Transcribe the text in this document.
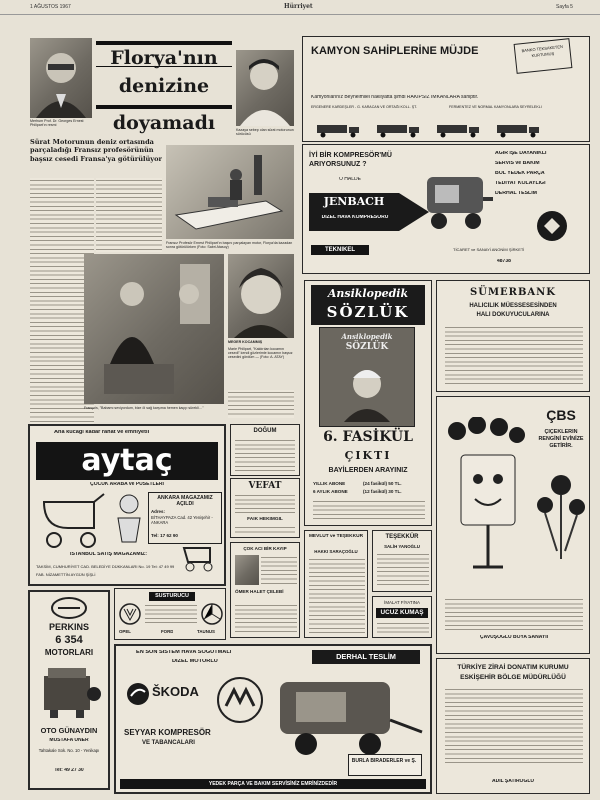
1 AĞUSTOS 1967	Hürriyet	Sayfa 5
Merhum Prof. Dr. Georges Ernest Philipart'ın resmi
Florya'nın
denizine
doyamadı	Kazaya sebep olan sürat motorunun sürücüsü
Sürat Motorunun deniz ortasında parçaladığı Fransız profesörünün başsız cesedi Fransa'ya götürülüyor
Fransız Profesör Ernest Philipart'ın başını parçalayan motor, Florya'da kazadan sonra götürülürken (Foto: Sabri Atasoy)
François, "Babamı seviyordum, bize öl sağ karşıma hemen kaçıp sürekli…"
MEGER KOCAMMIŞ
Marie Philipart, "Kaldırılan kocamın cesedi" kendi gözlerimle kocamın başsız cesedini gördüm — (Foto: A. ATAY)
KAMYON SAHİPLERİNE MÜJDE	BANKO TEKSAKETEN KURTUMUŞ
Kamyonlarınız Beynelmilel nakliyatta şimdi RAKİPSİZ İMKÂNLARA sahiptir.
ERGENERE KARDEŞLER - G. KARACAN VE ORTAĞI KOLL. ŞT.	FERMENTEZ VE NORMAL KAMYONLARA SEYRELEKLİ
İYİ BİR KOMPRESÖR'MÜ ARIYORSUNUZ ?
O HALDE
JENBACH
DİZEL HAVA KOMPRESÖRÜ
AĞIR İŞE DAYANIKLI
SERVİS ve BAKIM
BOL YEDEK PARÇA
TEDİYAT KOLAYLIĞI
DERHAL TESLİM
TEKNIKEL	TİCARET ve SANAYİ ANONİM ŞİRKETİ
48738
Ansiklopedik
SÖZLÜK
Ansiklopedik
SÖZLÜK
6. FASİKÜL
ÇIKTI
BAYİLERDEN ARAYINIZ
YILLIK ABONE	(24 fasikül) 50 TL.
6 AYLIK ABONE	(12 fasikül) 30 TL.
SÜMERBANK
HALICILIK MÜESSESESİNDEN
HALI DOKUYUCULARINA
ÇBS
ÇİÇEKLERİN RENGİNİ EVİNİZE GETİRİR.
ÇAVUŞOĞLU BOYA SANAYİİ
Ana kucağı kadar rahat ve emniyetli
aytaç
ÇOCUK ARABA ve PUSETLERİ
ANKARA MAĞAZAMIZ AÇILDI
Adres:
BİTHAYPAZA Cad. 42 Yenişehir - ANKARA
Tel: 17 62 90
İSTANBUL SATIŞ MAĞAZAMIZ:
TAKSİM, CUMHURİYET CAD. BELEDİYE DÜKKANLARI No. 19 Tel: 47 49 99
FAB. NİZAMETTİN AYGÜN ŞİŞLİ
DOĞUM
VEFAT
FAİK HEKİMGİL
ÇOK ACI BİR KAYIP
ÖMER HALET ÇELEBİ
PERKINS
6 354
MOTORLARI
OTO GÜNAYDIN
MUSTAFA ÜNER
Tahtakale Sok. No. 10 - Yenikapı
Tel: 49 27 30
SUSTURUCU
OPEL	FORD	TAUNUS
MEVLÜT ve TEŞEKKÜR
HAKKI SARAÇOĞLU
TEŞEKKÜR
SALİH YANOĞLU
İMALAT FİYATINA
UCUZ KUMAŞ
EN SON SİSTEM HAVA SOĞUTMALI
DİZEL MOTORLU	DERHAL TESLİM
ŠKODA
SEYYAR KOMPRESÖR
VE TABANCALARI
BURLA BİRADERLER ve Ş.
YEDEK PARÇA VE BAKIM SERVİSİNİZ EMRİNİZDEDİR
TÜRKİYE ZİRAİ DONATIM KURUMU
ESKİŞEHİR BÖLGE MÜDÜRLÜĞÜ
ADİL ŞATIROĞLU
